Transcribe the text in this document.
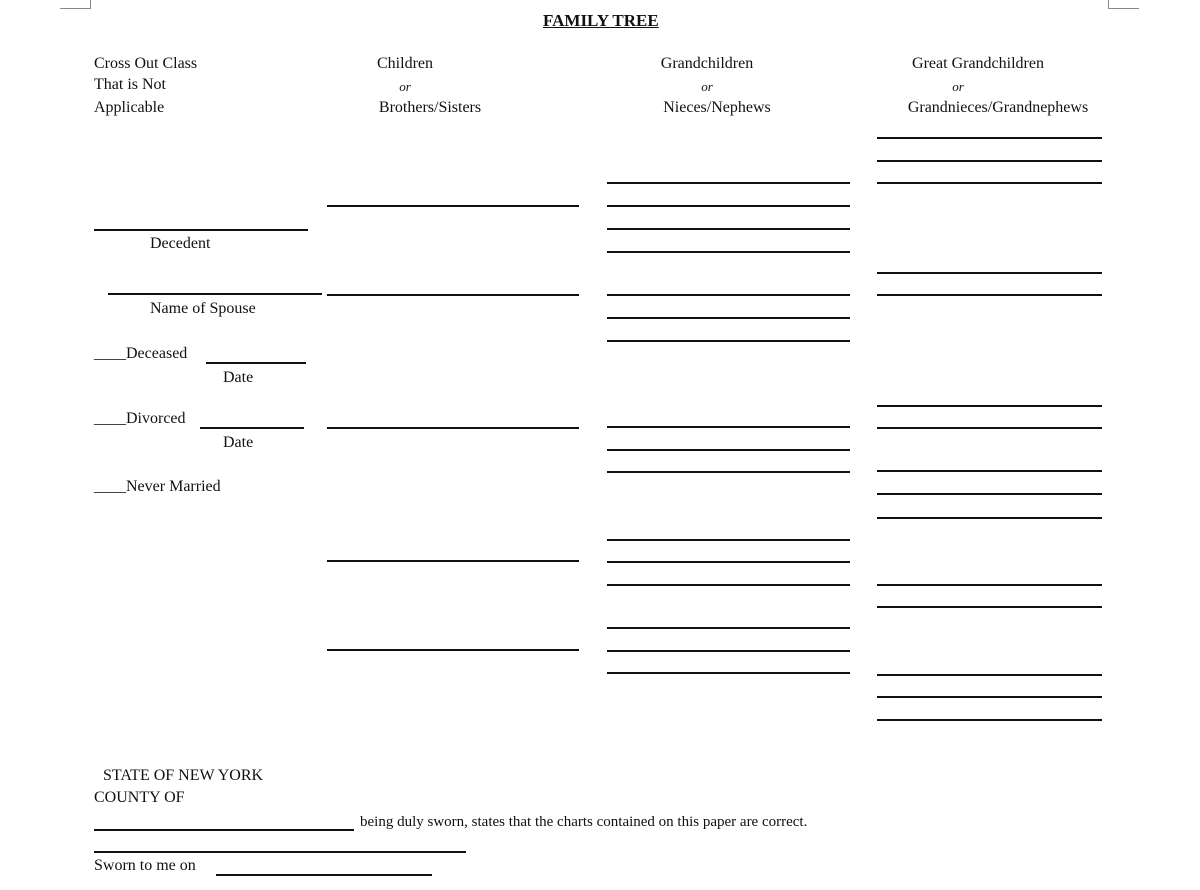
FAMILY TREE
Cross Out Class
That is Not
Applicable
Children
or
Brothers/Sisters
Grandchildren
or
Nieces/Nephews
Great Grandchildren
or
Grandnieces/Grandnephews
Decedent
Name of Spouse
____Deceased
Date
____Divorced
Date
____Never Married
STATE OF NEW YORK
COUNTY OF
being duly sworn, states that the charts contained on this paper are correct.
Sworn to me on
